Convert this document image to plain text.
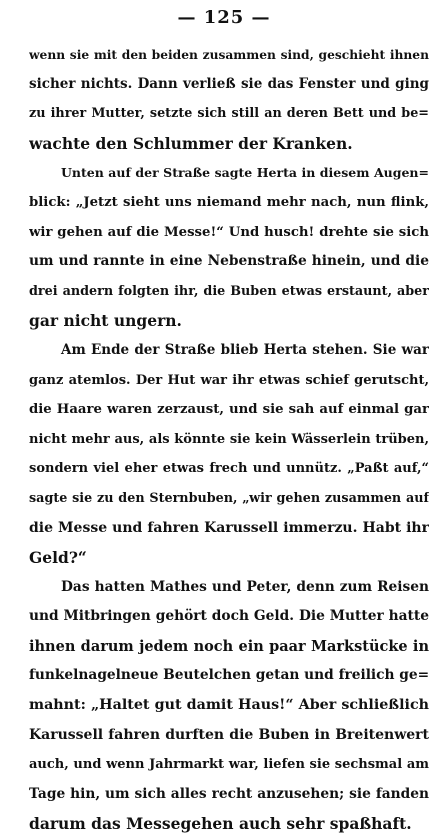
— 125 —
wenn sie mit den beiden zusammen sind, geschieht ihnen
sicher nichts. Dann verließ sie das Fenster und ging
zu ihrer Mutter, setzte sich still an deren Bett und be=
wachte den Schlummer der Kranken.
Unten auf der Straße sagte Herta in diesem Augen=
blick: „Jetzt sieht uns niemand mehr nach, nun flink,
wir gehen auf die Messe!“ Und husch! drehte sie sich
um und rannte in eine Nebenstraße hinein, und die
drei andern folgten ihr, die Buben etwas erstaunt, aber
gar nicht ungern.
Am Ende der Straße blieb Herta stehen. Sie war
ganz atemlos. Der Hut war ihr etwas schief gerutscht,
die Haare waren zerzaust, und sie sah auf einmal gar
nicht mehr aus, als könnte sie kein Wässerlein trüben,
sondern viel eher etwas frech und unnütz. „Paßt auf,“
sagte sie zu den Sternbuben, „wir gehen zusammen auf
die Messe und fahren Karussell immerzu. Habt ihr
Geld?“
Das hatten Mathes und Peter, denn zum Reisen
und Mitbringen gehört doch Geld. Die Mutter hatte
ihnen darum jedem noch ein paar Markstücke in
funkelnagelneue Beutelchen getan und freilich ge=
mahnt: „Haltet gut damit Haus!“ Aber schließlich
Karussell fahren durften die Buben in Breitenwert
auch, und wenn Jahrmarkt war, liefen sie sechsmal am
Tage hin, um sich alles recht anzusehen; sie fanden
darum das Messegehen auch sehr spaßhaft.
